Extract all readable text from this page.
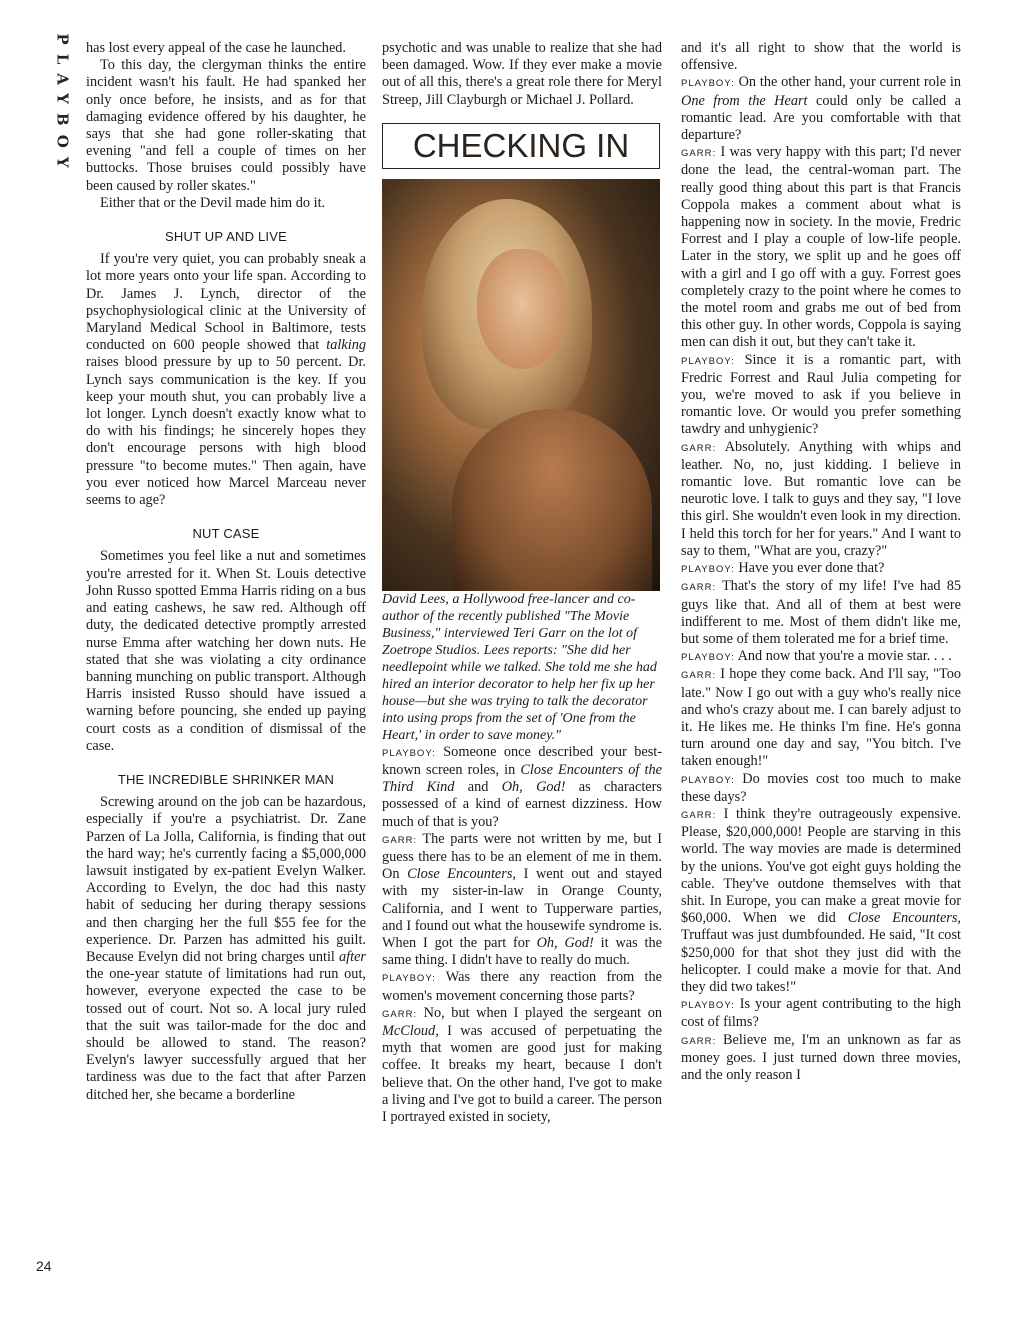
PLAYBOY
24

has lost every appeal of the case he launched.

To this day, the clergyman thinks the entire incident wasn't his fault. He had spanked her only once before, he insists, and as for that damaging evidence offered by his daughter, he says that she had gone roller-skating that evening "and fell a couple of times on her buttocks. Those bruises could possibly have been caused by roller skates."

Either that or the Devil made him do it.

SHUT UP AND LIVE

If you're very quiet, you can probably sneak a lot more years onto your life span. According to Dr. James J. Lynch, director of the psychophysiological clinic at the University of Maryland Medical School in Baltimore, tests conducted on 600 people showed that talking raises blood pressure by up to 50 percent. Dr. Lynch says communication is the key. If you keep your mouth shut, you can probably live a lot longer. Lynch doesn't exactly know what to do with his findings; he sincerely hopes they don't encourage persons with high blood pressure "to become mutes." Then again, have you ever noticed how Marcel Marceau never seems to age?

NUT CASE

Sometimes you feel like a nut and sometimes you're arrested for it. When St. Louis detective John Russo spotted Emma Harris riding on a bus and eating cashews, he saw red. Although off duty, the dedicated detective promptly arrested nurse Emma after watching her down nuts. He stated that she was violating a city ordinance banning munching on public transport. Although Harris insisted Russo should have issued a warning before pouncing, she ended up paying court costs as a condition of dismissal of the case.

THE INCREDIBLE SHRINKER MAN

Screwing around on the job can be hazardous, especially if you're a psychiatrist. Dr. Zane Parzen of La Jolla, California, is finding that out the hard way; he's currently facing a $5,000,000 lawsuit instigated by ex-patient Evelyn Walker. According to Evelyn, the doc had this nasty habit of seducing her during therapy sessions and then charging her the full $55 fee for the experience. Dr. Parzen has admitted his guilt. Because Evelyn did not bring charges until after the one-year statute of limitations had run out, however, everyone expected the case to be tossed out of court. Not so. A local jury ruled that the suit was tailor-made for the doc and should be allowed to stand. The reason? Evelyn's lawyer successfully argued that her tardiness was due to the fact that after Parzen ditched her, she became a borderline

psychotic and was unable to realize that she had been damaged. Wow. If they ever make a movie out of all this, there's a great role there for Meryl Streep, Jill Clayburgh or Michael J. Pollard.

CHECKING IN

David Lees, a Hollywood free-lancer and co-author of the recently published "The Movie Business," interviewed Teri Garr on the lot of Zoetrope Studios. Lees reports: "She did her needlepoint while we talked. She told me she had hired an interior decorator to help her fix up her house—but she was trying to talk the decorator into using props from the set of 'One from the Heart,' in order to save money."

PLAYBOY: Someone once described your best-known screen roles, in Close Encounters of the Third Kind and Oh, God! as characters possessed of a kind of earnest dizziness. How much of that is you?

GARR: The parts were not written by me, but I guess there has to be an element of me in them. On Close Encounters, I went out and stayed with my sister-in-law in Orange County, California, and I went to Tupperware parties, and I found out what the housewife syndrome is. When I got the part for Oh, God! it was the same thing. I didn't have to really do much.

PLAYBOY: Was there any reaction from the women's movement concerning those parts?

GARR: No, but when I played the sergeant on McCloud, I was accused of perpetuating the myth that women are good just for making coffee. It breaks my heart, because I don't believe that. On the other hand, I've got to make a living and I've got to build a career. The person I portrayed existed in society,

and it's all right to show that the world is offensive.

PLAYBOY: On the other hand, your current role in One from the Heart could only be called a romantic lead. Are you comfortable with that departure?

GARR: I was very happy with this part; I'd never done the lead, the central-woman part. The really good thing about this part is that Francis Coppola makes a comment about what is happening now in society. In the movie, Fredric Forrest and I play a couple of low-life people. Later in the story, we split up and he goes off with a girl and I go off with a guy. Forrest goes completely crazy to the point where he comes to the motel room and grabs me out of bed from this other guy. In other words, Coppola is saying men can dish it out, but they can't take it.

PLAYBOY: Since it is a romantic part, with Fredric Forrest and Raul Julia competing for you, we're moved to ask if you believe in romantic love. Or would you prefer something tawdry and unhygienic?

GARR: Absolutely. Anything with whips and leather. No, no, just kidding. I believe in romantic love. But romantic love can be neurotic love. I talk to guys and they say, "I love this girl. She wouldn't even look in my direction. I held this torch for her for years." And I want to say to them, "What are you, crazy?"

PLAYBOY: Have you ever done that?

GARR: That's the story of my life! I've had 85 guys like that. And all of them at best were indifferent to me. Most of them didn't like me, but some of them tolerated me for a brief time.

PLAYBOY: And now that you're a movie star. . . .

GARR: I hope they come back. And I'll say, "Too late." Now I go out with a guy who's really nice and who's crazy about me. I can barely adjust to it. He likes me. He thinks I'm fine. He's gonna turn around one day and say, "You bitch. I've taken enough!"

PLAYBOY: Do movies cost too much to make these days?

GARR: I think they're outrageously expensive. Please, $20,000,000! People are starving in this world. The way movies are made is determined by the unions. You've got eight guys holding the cable. They've outdone themselves with that shit. In Europe, you can make a great movie for $60,000. When we did Close Encounters, Truffaut was just dumbfounded. He said, "It cost $250,000 for that shot they just did with the helicopter. I could make a movie for that. And they did two takes!"

PLAYBOY: Is your agent contributing to the high cost of films?

GARR: Believe me, I'm an unknown as far as money goes. I just turned down three movies, and the only reason I
